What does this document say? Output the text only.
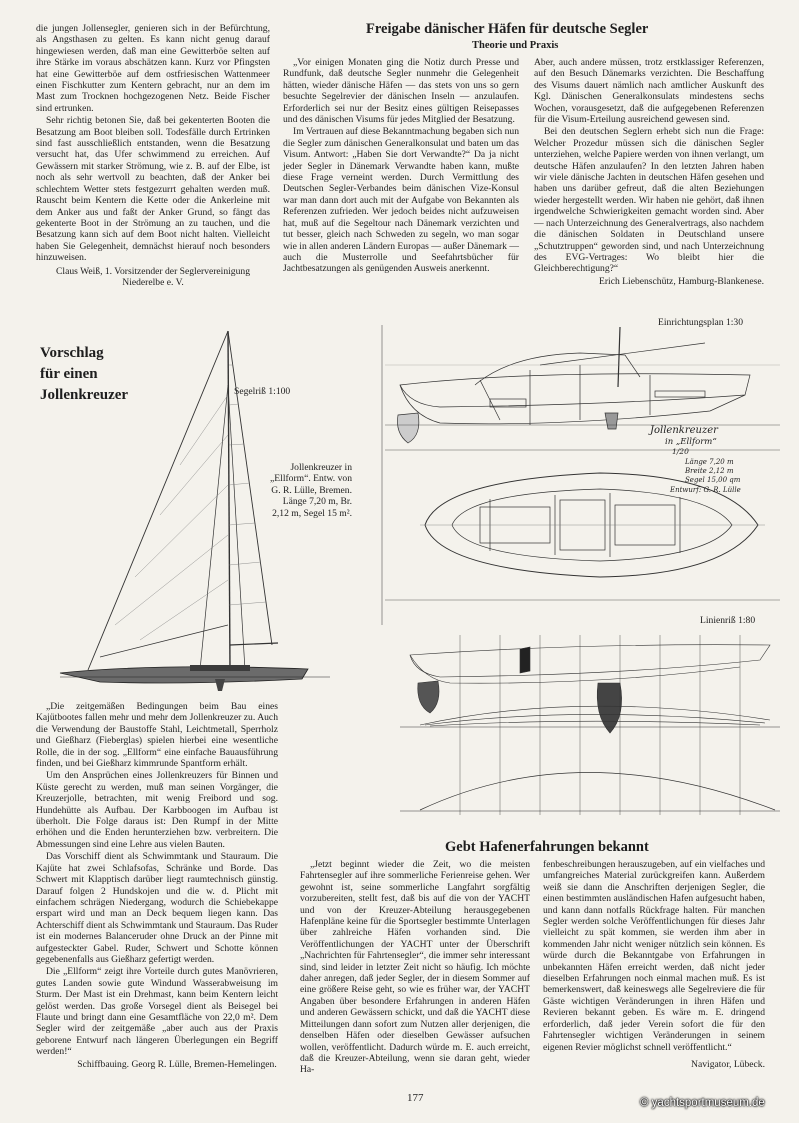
die jungen Jollensegler, genieren sich in der Befürchtung, als Angsthasen zu gelten. Es kann nicht genug darauf hingewiesen werden, daß man eine Gewitterböe selten auf ihre Stärke im voraus abschätzen kann. Kurz vor Pfingsten hat eine Gewitterböe auf dem ostfriesischen Wattenmeer einen Fischkutter zum Kentern gebracht, nur an dem im Mast zum Trocknen hochgezogenen Netz. Beide Fischer sind ertrunken.

Sehr richtig betonen Sie, daß bei gekenterten Booten die Besatzung am Boot bleiben soll. Todesfälle durch Ertrinken sind fast ausschließlich entstanden, wenn die Besatzung versucht hat, das Ufer schwimmend zu erreichen. Auf Gewässern mit starker Strömung, wie z. B. auf der Elbe, ist noch als sehr wertvoll zu beachten, daß der Anker bei schlechtem Wetter stets festgezurrt gehalten werden muß. Rauscht beim Kentern die Kette oder die Ankerleine mit dem Anker aus und faßt der Anker Grund, so fängt das gekenterte Boot in der Strömung an zu tauchen, und die Besatzung kann sich auf dem Boot nicht halten. Vielleicht haben Sie Gelegenheit, demnächst hierauf noch besonders hinzuweisen.

Claus Weiß, 1. Vorsitzender der Seglervereinigung Niederelbe e. V.
Freigabe dänischer Häfen für deutsche Segler
Theorie und Praxis

„Vor einigen Monaten ging die Notiz durch Presse und Rundfunk, daß deutsche Segler nunmehr die Gelegenheit hätten, wieder dänische Häfen — das stets von uns so gern besuchte Segelrevier der dänischen Inseln — anzulaufen. Erforderlich sei nur der Besitz eines gültigen Reisepasses und des dänischen Visums für jedes Mitglied der Besatzung.

Im Vertrauen auf diese Bekanntmachung begaben sich nun die Segler zum dänischen Generalkonsulat und baten um das Visum. Antwort: „Haben Sie dort Verwandte?“ Da ja nicht jeder Segler in Dänemark Verwandte haben kann, mußte diese Frage verneint werden. Durch Vermittlung des Deutschen Segler-Verbandes beim dänischen Vize-Konsul war man dann dort auch mit der Aufgabe von Bekannten als Referenzen zufrieden. Wer jedoch beides nicht aufzuweisen hat, muß auf die Segeltour nach Dänemark verzichten und tut besser, gleich nach Schweden zu segeln, wo man sogar wie in allen anderen Ländern Europas — außer Dänemark — auch die Musterrolle und Seefahrtsbücher für Jachtbesatzungen als genügenden Ausweis anerkennt.

Aber, auch andere müssen, trotz erstklassiger Referenzen, auf den Besuch Dänemarks verzichten. Die Beschaffung des Visums dauert nämlich nach amtlicher Auskunft des Kgl. Dänischen Generalkonsulats mindestens sechs Wochen, vorausgesetzt, daß die aufgegebenen Referenzen für die Visum-Erteilung ausreichend gewesen sind.

Bei den deutschen Seglern erhebt sich nun die Frage: Welcher Prozedur müssen sich die dänischen Segler unterziehen, welche Papiere werden von ihnen verlangt, um deutsche Häfen anzulaufen? In den letzten Jahren haben wir viele dänische Jachten in deutschen Häfen gesehen und haben uns darüber gefreut, daß die alten Beziehungen wieder hergestellt werden. Wir haben nie gehört, daß ihnen irgendwelche Schwierigkeiten gemacht worden sind. Aber — nach Unterzeichnung des Generalvertrags, also nachdem die dänischen Soldaten in Deutschland unsere „Schutztruppen“ geworden sind, und nach Unterzeichnung des EVG-Vertrages: Wo bleibt hier die Gleichberechtigung?“

Erich Liebenschütz, Hamburg-Blankenese.
Einrichtungsplan 1:30
Segelriß 1:100
Linienriß 1:80
Vorschlag
für einen
Jollenkreuzer
Jollenkreuzer in „Ellform“. Entw. von G. R. Lülle, Bremen. Länge 7,20 m, Br. 2,12 m, Segel 15 m².
Jollenkreuzer
in „Ellform“
1/20
Länge 7,20 m
Breite 2,12 m
Segel 15,00 qm
Entwurf: G. R. Lülle

„Die zeitgemäßen Bedingungen beim Bau eines Kajütbootes fallen mehr und mehr dem Jollenkreuzer zu. Auch die Verwendung der Baustoffe Stahl, Leichtmetall, Sperrholz und Gießharz (Fieberglas) spielen hierbei eine wesentliche Rolle, die in der sog. „Ellform“ eine einfache Bauausführung finden, und bei Gießharz kimmrunde Spantform erhält.

Um den Ansprüchen eines Jollenkreuzers für Binnen und Küste gerecht zu werden, muß man seinen Vorgänger, die Kreuzerjolle, betrachten, mit wenig Freibord und sog. Hundehütte als Aufbau. Der Karbboogen im Aufbau ist überholt. Die Folge daraus ist: Den Rumpf in der Mitte erhöhen und die Enden herunterziehen bzw. verbreitern. Die Abmessungen sind eine Lehre aus vielen Bauten.

Das Vorschiff dient als Schwimmtank und Stauraum. Die Kajüte hat zwei Schlafsofas, Schränke und Borde. Das Schwert mit Klapptisch darüber liegt raumtechnisch günstig. Darauf folgen 2 Hundskojen und die w. d. Plicht mit einfachem schrägen Niedergang, wodurch die Schiebekappe erspart wird und man an Deck bequem liegen kann. Das Achterschiff dient als Schwimmtank und Stauraum. Das Ruder ist ein modernes Balanceruder ohne Druck an der Pinne mit aufgesteckter Gabel. Ruder, Schwert und Schotte können gegebenenfalls aus Gießharz gefertigt werden.

Die „Ellform“ zeigt ihre Vorteile durch gutes Manövrieren, gutes Landen sowie gute Windund Wasserabweisung im Sturm. Der Mast ist ein Drehmast, kann beim Kentern leicht gelöst werden. Das große Vorsegel dient als Beisegel bei Flaute und bringt dann eine Gesamtfläche von 22,0 m². Dem Segler wird der zeitgemäße „aber auch aus der Praxis geborene Entwurf nach längeren Überlegungen ein Begriff werden!“

Schiffbauing. Georg R. Lülle, Bremen-Hemelingen.
Gebt Hafenerfahrungen bekannt

„Jetzt beginnt wieder die Zeit, wo die meisten Fahrtensegler auf ihre sommerliche Ferienreise gehen. Wer gewohnt ist, seine sommerliche Langfahrt sorgfältig vorzubereiten, stellt fest, daß bis auf die von der YACHT und von der Kreuzer-Abteilung herausgegebenen Hafenpläne keine für die Sportsegler bestimmte Unterlagen über zahlreiche Häfen vorhanden sind. Die Veröffentlichungen der YACHT unter der Überschrift „Nachrichten für Fahrtensegler“, die immer sehr interessant sind, sind leider in letzter Zeit nicht so häufig. Ich möchte daher anregen, daß jeder Segler, der in diesem Sommer auf eine größere Reise geht, so wie es früher war, der YACHT Angaben über besondere Erfahrungen in anderen Häfen und anderen Gewässern schickt, und daß die YACHT diese Mitteilungen dann sofort zum Nutzen aller derjenigen, die denselben Häfen oder dieselben Gewässer aufsuchen wollen, veröffentlicht. Dadurch würde m. E. auch erreicht, daß die Kreuzer-Abteilung, wenn sie daran geht, wieder Ha-

fenbeschreibungen herauszugeben, auf ein vielfaches und umfangreiches Material zurückgreifen kann. Außerdem weiß sie dann die Anschriften derjenigen Segler, die einen bestimmten ausländischen Hafen aufgesucht haben, und kann dann notfalls Rückfrage halten. Für manchen Segler werden solche Veröffentlichungen für dieses Jahr vielleicht zu spät kommen, sie werden ihm aber in kommenden Jahr nicht weniger nützlich sein können. Es würde durch die Bekanntgabe von Erfahrungen in unbekannten Häfen erreicht werden, daß nicht jeder dieselben Erfahrungen noch einmal machen muß. Es ist bemerkenswert, daß keineswegs alle Segelreviere die für Gäste wichtigen Veränderungen in ihren Häfen und Revieren bekannt geben. Es wäre m. E. dringend erforderlich, daß jeder Verein sofort die für den Fahrtensegler wichtigen Veränderungen in seinem eigenen Revier möglichst schnell veröffentlicht.“

Navigator, Lübeck.
177	© yachtsportmuseum.de
